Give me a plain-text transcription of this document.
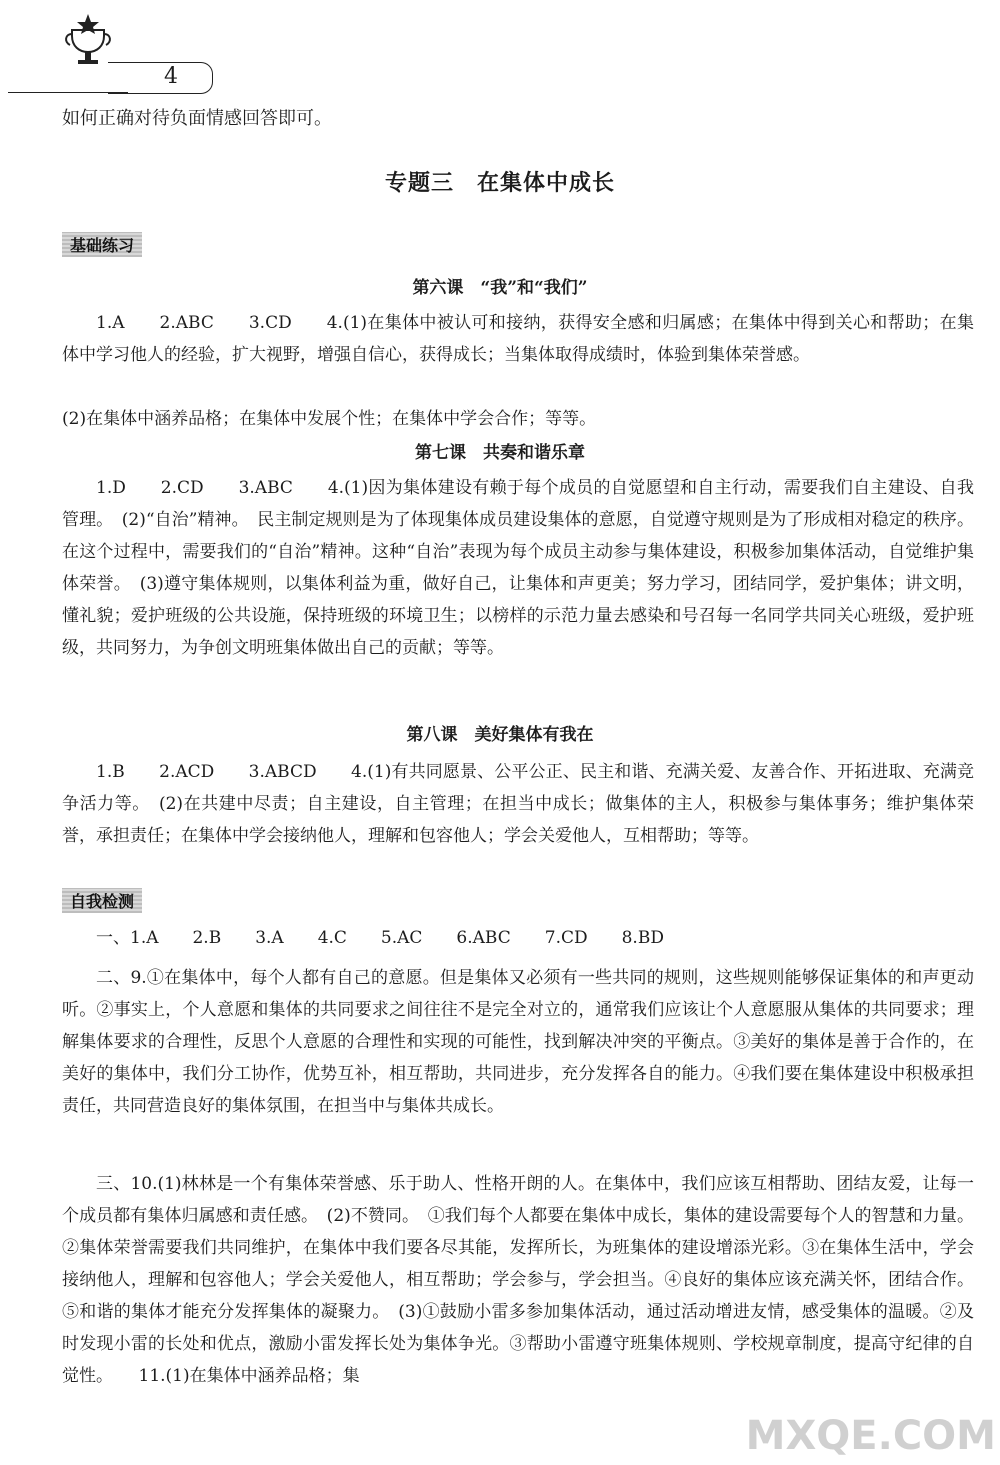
4
如何正确对待负面情感回答即可。
专题三　在集体中成长
基础练习
第六课　“我”和“我们”
1.A　　2.ABC　　3.CD　　4.(1)在集体中被认可和接纳，获得安全感和归属感；在集体中得到关心和帮助；在集体中学习他人的经验，扩大视野，增强自信心，获得成长；当集体取得成绩时，体验到集体荣誉感。
(2)在集体中涵养品格；在集体中发展个性；在集体中学会合作；等等。
第七课　共奏和谐乐章
1.D　　2.CD　　3.ABC　　4.(1)因为集体建设有赖于每个成员的自觉愿望和自主行动，需要我们自主建设、自我管理。　(2)“自治”精神。　民主制定规则是为了体现集体成员建设集体的意愿，自觉遵守规则是为了形成相对稳定的秩序。在这个过程中，需要我们的“自治”精神。这种“自治”表现为每个成员主动参与集体建设，积极参加集体活动，自觉维护集体荣誉。　(3)遵守集体规则，以集体利益为重，做好自己，让集体和声更美；努力学习，团结同学，爱护集体；讲文明，懂礼貌；爱护班级的公共设施，保持班级的环境卫生；以榜样的示范力量去感染和号召每一名同学共同关心班级，爱护班级，共同努力，为争创文明班集体做出自己的贡献；等等。
第八课　美好集体有我在
1.B　　2.ACD　　3.ABCD　　4.(1)有共同愿景、公平公正、民主和谐、充满关爱、友善合作、开拓进取、充满竞争活力等。　(2)在共建中尽责；自主建设，自主管理；在担当中成长；做集体的主人，积极参与集体事务；维护集体荣誉，承担责任；在集体中学会接纳他人，理解和包容他人；学会关爱他人，互相帮助；等等。
自我检测
一、1.A　　2.B　　3.A　　4.C　　5.AC　　6.ABC　　7.CD　　8.BD
二、9.①在集体中，每个人都有自己的意愿。但是集体又必须有一些共同的规则，这些规则能够保证集体的和声更动听。②事实上，个人意愿和集体的共同要求之间往往不是完全对立的，通常我们应该让个人意愿服从集体的共同要求；理解集体要求的合理性，反思个人意愿的合理性和实现的可能性，找到解决冲突的平衡点。③美好的集体是善于合作的，在美好的集体中，我们分工协作，优势互补，相互帮助，共同进步，充分发挥各自的能力。④我们要在集体建设中积极承担责任，共同营造良好的集体氛围，在担当中与集体共成长。
三、10.(1)林林是一个有集体荣誉感、乐于助人、性格开朗的人。在集体中，我们应该互相帮助、团结友爱，让每一个成员都有集体归属感和责任感。　(2)不赞同。　①我们每个人都要在集体中成长，集体的建设需要每个人的智慧和力量。②集体荣誉需要我们共同维护，在集体中我们要各尽其能，发挥所长，为班集体的建设增添光彩。③在集体生活中，学会接纳他人，理解和包容他人；学会关爱他人，相互帮助；学会参与，学会担当。④良好的集体应该充满关怀，团结合作。⑤和谐的集体才能充分发挥集体的凝聚力。　(3)①鼓励小雷多参加集体活动，通过活动增进友情，感受集体的温暖。②及时发现小雷的长处和优点，激励小雷发挥长处为集体争光。③帮助小雷遵守班集体规则、学校规章制度，提高守纪律的自觉性。　　11.(1)在集体中涵养品格；集
MXQE.COM
